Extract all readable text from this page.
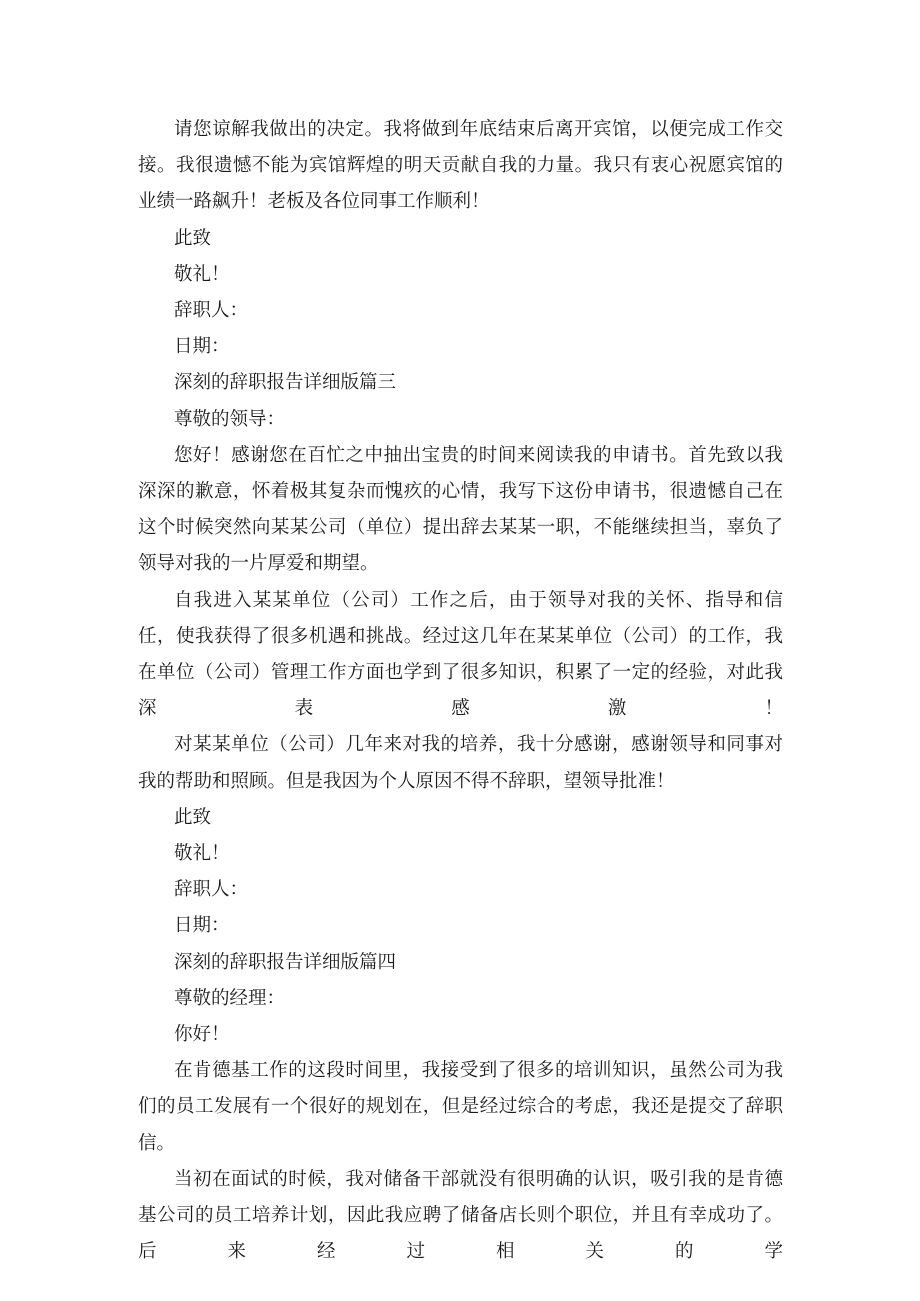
请您谅解我做出的决定。我将做到年底结束后离开宾馆，以便完成工作交接。我很遗憾不能为宾馆辉煌的明天贡献自我的力量。我只有衷心祝愿宾馆的业绩一路飙升！老板及各位同事工作顺利！

此致

敬礼！

辞职人：

日期：

深刻的辞职报告详细版篇三

尊敬的领导：

您好！感谢您在百忙之中抽出宝贵的时间来阅读我的申请书。首先致以我深深的歉意，怀着极其复杂而愧疚的心情，我写下这份申请书，很遗憾自己在这个时候突然向某某公司（单位）提出辞去某某一职，不能继续担当，辜负了领导对我的一片厚爱和期望。

自我进入某某单位（公司）工作之后，由于领导对我的关怀、指导和信任，使我获得了很多机遇和挑战。经过这几年在某某单位（公司）的工作，我在单位（公司）管理工作方面也学到了很多知识，积累了一定的经验，对此我深表感激！

对某某单位（公司）几年来对我的培养，我十分感谢，感谢领导和同事对我的帮助和照顾。但是我因为个人原因不得不辞职，望领导批准！

此致

敬礼！

辞职人：

日期：

深刻的辞职报告详细版篇四

尊敬的经理：

你好！

在肯德基工作的这段时间里，我接受到了很多的培训知识，虽然公司为我们的员工发展有一个很好的规划在，但是经过综合的考虑，我还是提交了辞职信。

当初在面试的时候，我对储备干部就没有很明确的认识，吸引我的是肯德基公司的员工培养计划，因此我应聘了储备店长则个职位，并且有幸成功了。后来经过相关的学
